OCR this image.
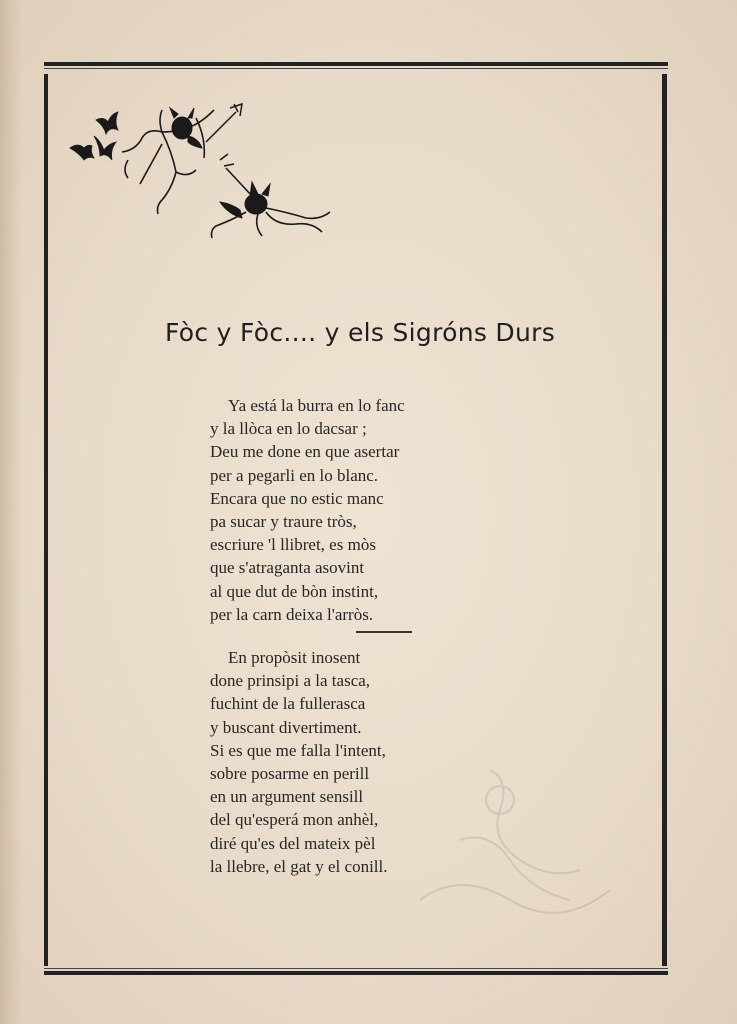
Fòc y Fòc.... y els Sigróns Durs
Ya está la burra en lo fanc
y la llòca en lo dacsar ;
Deu me done en que asertar
per a pegarli en lo blanc.
Encara que no estic manc
pa sucar y traure tròs,
escriure 'l llibret, es mòs
que s'atraganta asovint
al que dut de bòn instint,
per la carn deixa l'arròs.
En propòsit inosent
done prinsipi a la tasca,
fuchint de la fullerasca
y buscant divertiment.
Si es que me falla l'intent,
sobre posarme en perill
en un argument sensill
del qu'esperá mon anhèl,
diré qu'es del mateix pèl
la llebre, el gat y el conill.
